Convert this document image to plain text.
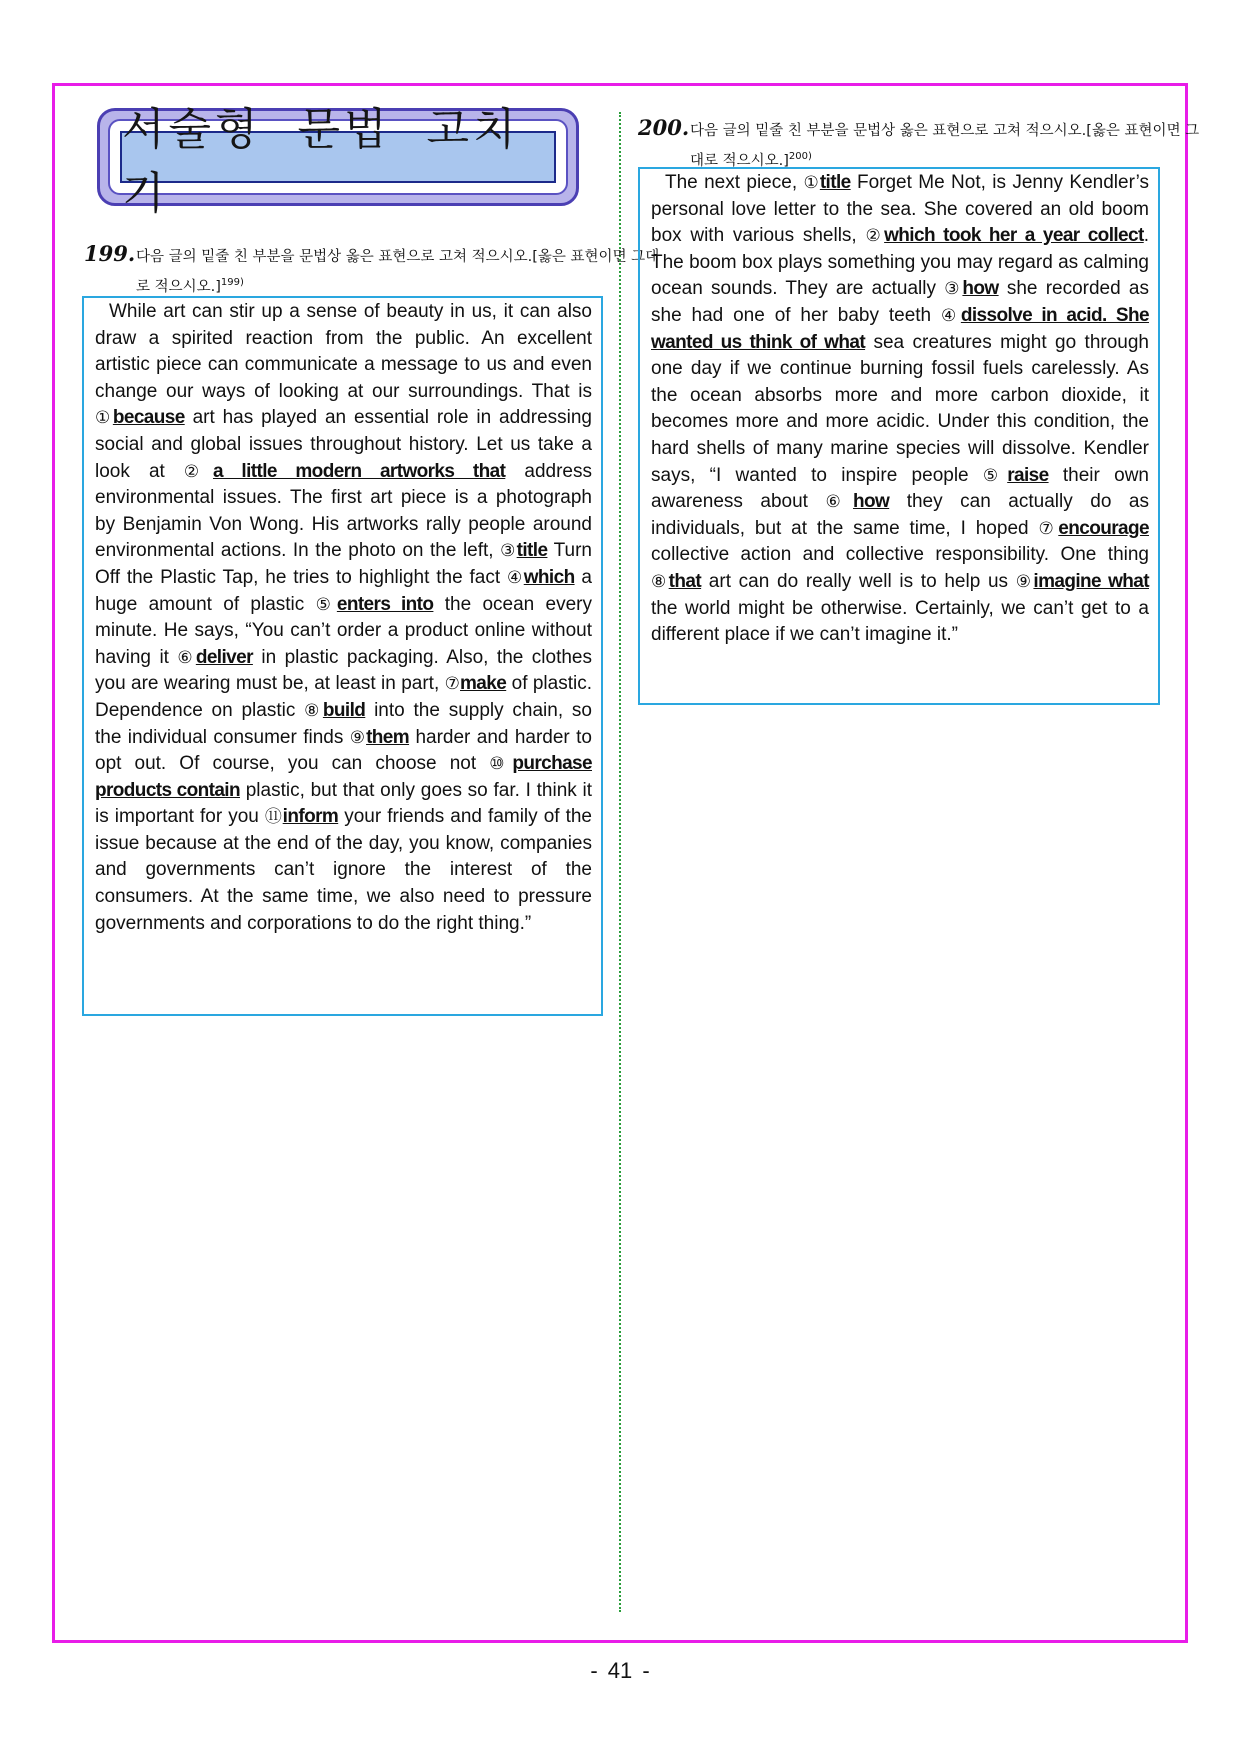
서술형 문법 고치기
199.다음 글의 밑줄 친 부분을 문법상 옳은 표현으로 고쳐 적으시오.[옳은 표현이면 그대로 적으시오.]$^{199)}$

While art can stir up a sense of beauty in us, it can also draw a spirited reaction from the public. An excellent artistic piece can communicate a message to us and even change our ways of looking at our surroundings. That is ①because art has played an essential role in addressing social and global issues throughout history. Let us take a look at ②a little modern artworks that address environmental issues. The first art piece is a photograph by Benjamin Von Wong. His artworks rally people around environmental actions. In the photo on the left, ③title Turn Off the Plastic Tap, he tries to highlight the fact ④which a huge amount of plastic ⑤enters into the ocean every minute. He says, “You can’t order a product online without having it ⑥deliver in plastic packaging. Also, the clothes you are wearing must be, at least in part, ⑦make of plastic. Dependence on plastic ⑧build into the supply chain, so the individual consumer finds ⑨them harder and harder to opt out. Of course, you can choose not ⑩purchase products contain plastic, but that only goes so far. I think it is important for you ⑪inform your friends and family of the issue because at the end of the day, you know, companies and governments can’t ignore the interest of the consumers. At the same time, we also need to pressure governments and corporations to do the right thing.”

200.다음 글의 밑줄 친 부분을 문법상 옳은 표현으로 고쳐 적으시오.[옳은 표현이면 그대로 적으시오.]$^{200)}$

The next piece, ①title Forget Me Not, is Jenny Kendler’s personal love letter to the sea. She covered an old boom box with various shells, ②which took her a year collect. The boom box plays something you may regard as calming ocean sounds. They are actually ③how she recorded as she had one of her baby teeth ④dissolve in acid. She wanted us think of what sea creatures might go through one day if we continue burning fossil fuels carelessly. As the ocean absorbs more and more carbon dioxide, it becomes more and more acidic. Under this condition, the hard shells of many marine species will dissolve. Kendler says, “I wanted to inspire people ⑤raise their own awareness about ⑥how they can actually do as individuals, but at the same time, I hoped ⑦encourage collective action and collective responsibility. One thing ⑧that art can do really well is to help us ⑨imagine what the world might be otherwise. Certainly, we can’t get to a different place if we can’t imagine it.”

- 41 -
